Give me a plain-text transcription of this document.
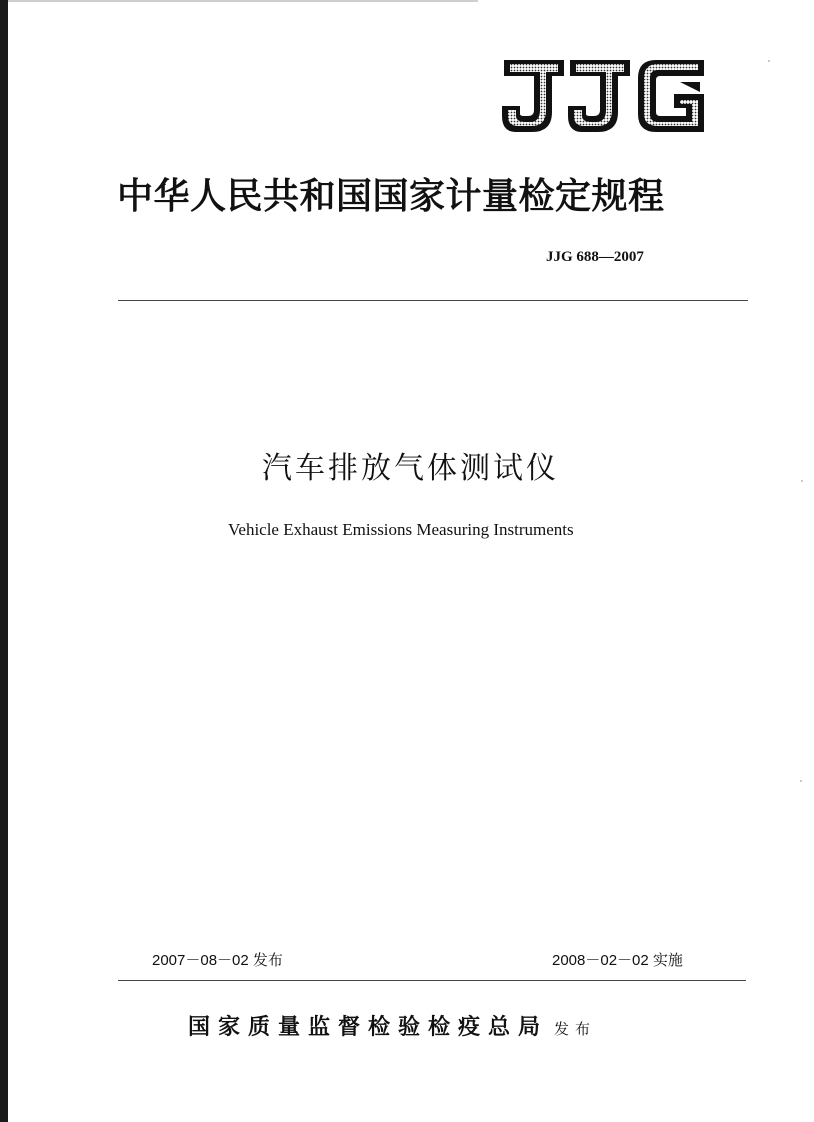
中华人民共和国国家计量检定规程
JJG 688—2007
汽车排放气体测试仪
Vehicle Exhaust Emissions Measuring Instruments
2007－08－02 发布	2008－02－02 实施
国家质量监督检验检疫总局 发布
